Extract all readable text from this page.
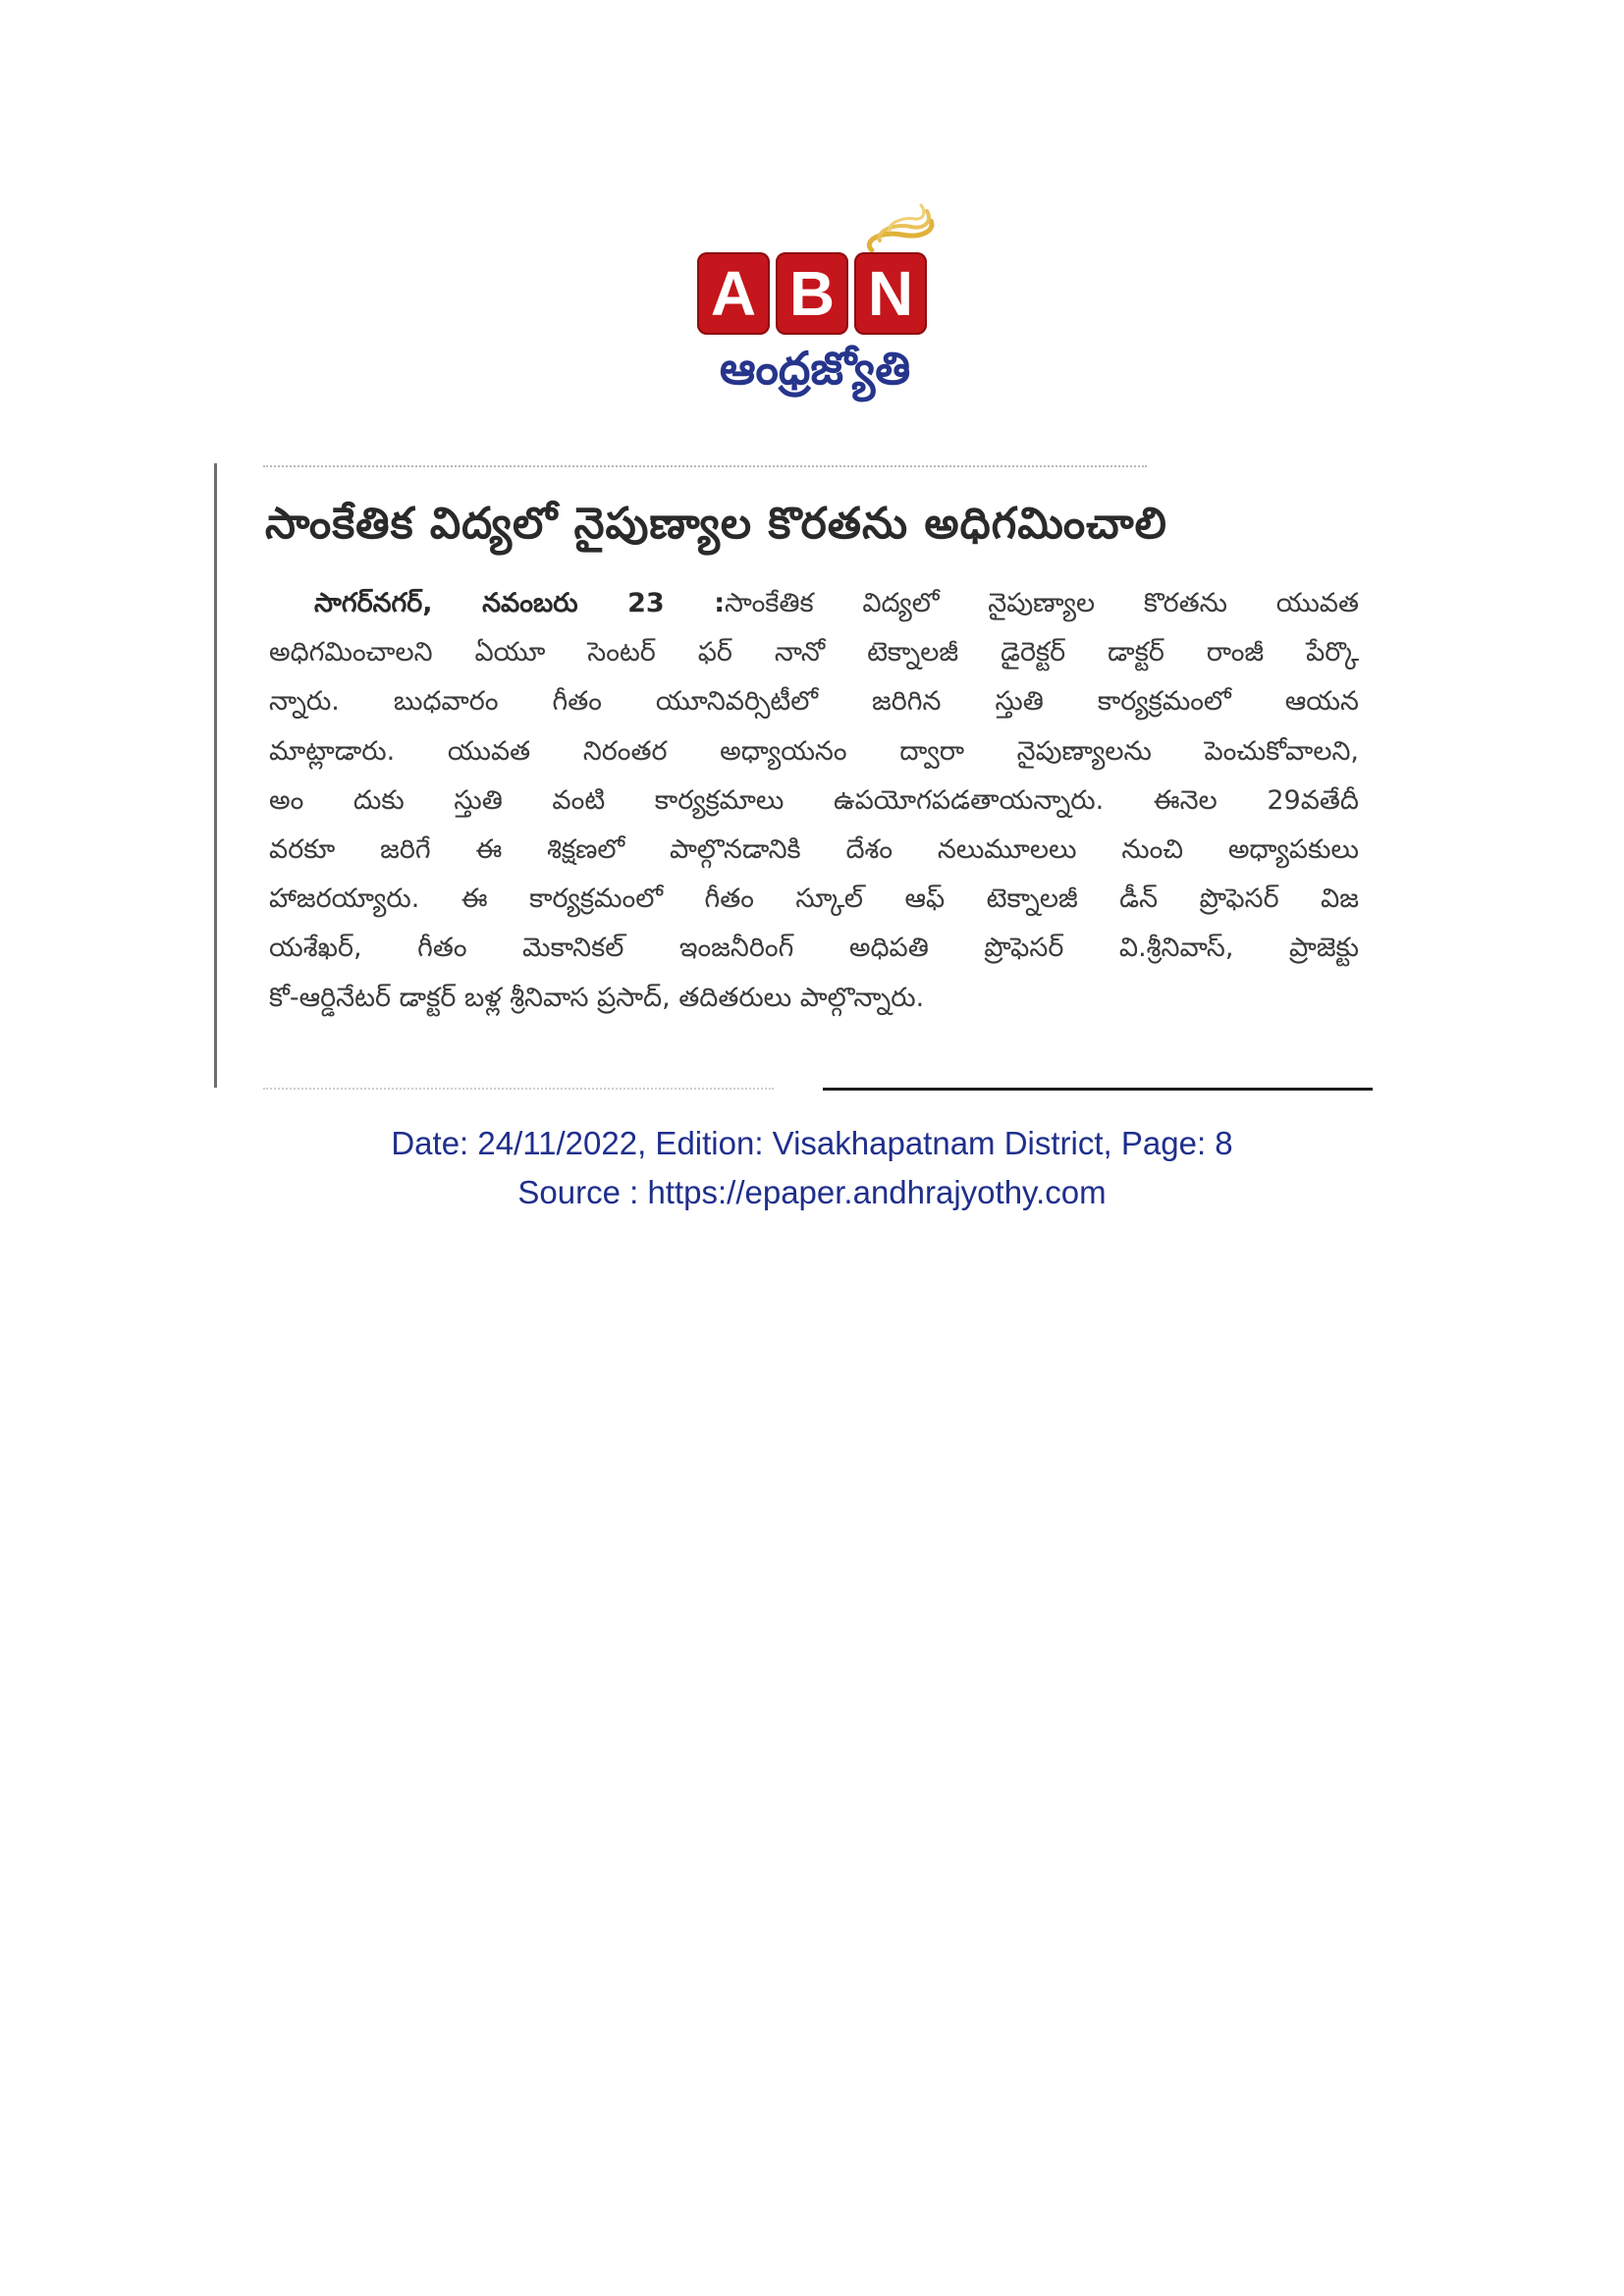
A B N
ఆంధ్రజ్యోతి
సాంకేతిక విద్యలో నైపుణ్యాల కొరతను అధిగమించాలి
సాగర్‌నగర్, నవంబరు 23 :సాంకేతిక విద్యలో నైపుణ్యాల కొరతను యువత
అధిగమించాలని ఏయూ సెంటర్ ఫర్ నానో టెక్నాలజీ డైరెక్టర్ డాక్టర్ రాంజీ పేర్కొ
న్నారు. బుధవారం గీతం యూనివర్సిటీలో జరిగిన స్తుతి కార్యక్రమంలో ఆయన
మాట్లాడారు. యువత నిరంతర అధ్యాయనం ద్వారా నైపుణ్యాలను పెంచుకోవాలని,
అం దుకు స్తుతి వంటి కార్యక్రమాలు ఉపయోగపడతాయన్నారు. ఈనెల 29వతేదీ
వరకూ జరిగే ఈ శిక్షణలో పాల్గొనడానికి దేశం నలుమూలలు నుంచి అధ్యాపకులు
హాజరయ్యారు. ఈ కార్యక్రమంలో గీతం స్కూల్ ఆఫ్ టెక్నాలజీ డీన్ ప్రొఫెసర్ విజ
యశేఖర్, గీతం మెకానికల్ ఇంజనీరింగ్ అధిపతి ప్రొఫెసర్ వి.శ్రీనివాస్, ప్రాజెక్టు
కో-ఆర్డినేటర్ డాక్టర్ బళ్ల శ్రీనివాస ప్రసాద్, తదితరులు పాల్గొన్నారు.
Date: 24/11/2022, Edition: Visakhapatnam District, Page: 8
Source : https://epaper.andhrajyothy.com
